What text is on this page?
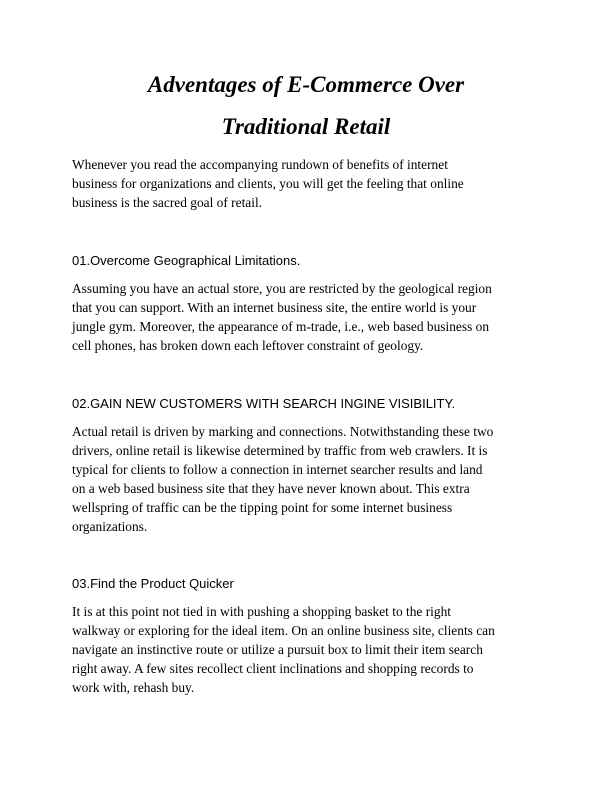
Adventages of E-Commerce Over
Traditional Retail
Whenever you read the accompanying rundown of benefits of internet
business for organizations and clients, you will get the feeling that online
business is the sacred goal of retail.
01.Overcome Geographical Limitations.
Assuming you have an actual store, you are restricted by the geological region
that you can support. With an internet business site, the entire world is your
jungle gym. Moreover, the appearance of m-trade, i.e., web based business on
cell phones, has broken down each leftover constraint of geology.
02.GAIN NEW CUSTOMERS WITH SEARCH INGINE VISIBILITY.
Actual retail is driven by marking and connections. Notwithstanding these two
drivers, online retail is likewise determined by traffic from web crawlers. It is
typical for clients to follow a connection in internet searcher results and land
on a web based business site that they have never known about. This extra
wellspring of traffic can be the tipping point for some internet business
organizations.
03.Find the Product Quicker
It is at this point not tied in with pushing a shopping basket to the right
walkway or exploring for the ideal item. On an online business site, clients can
navigate an instinctive route or utilize a pursuit box to limit their item search
right away. A few sites recollect client inclinations and shopping records to
work with, rehash buy.
